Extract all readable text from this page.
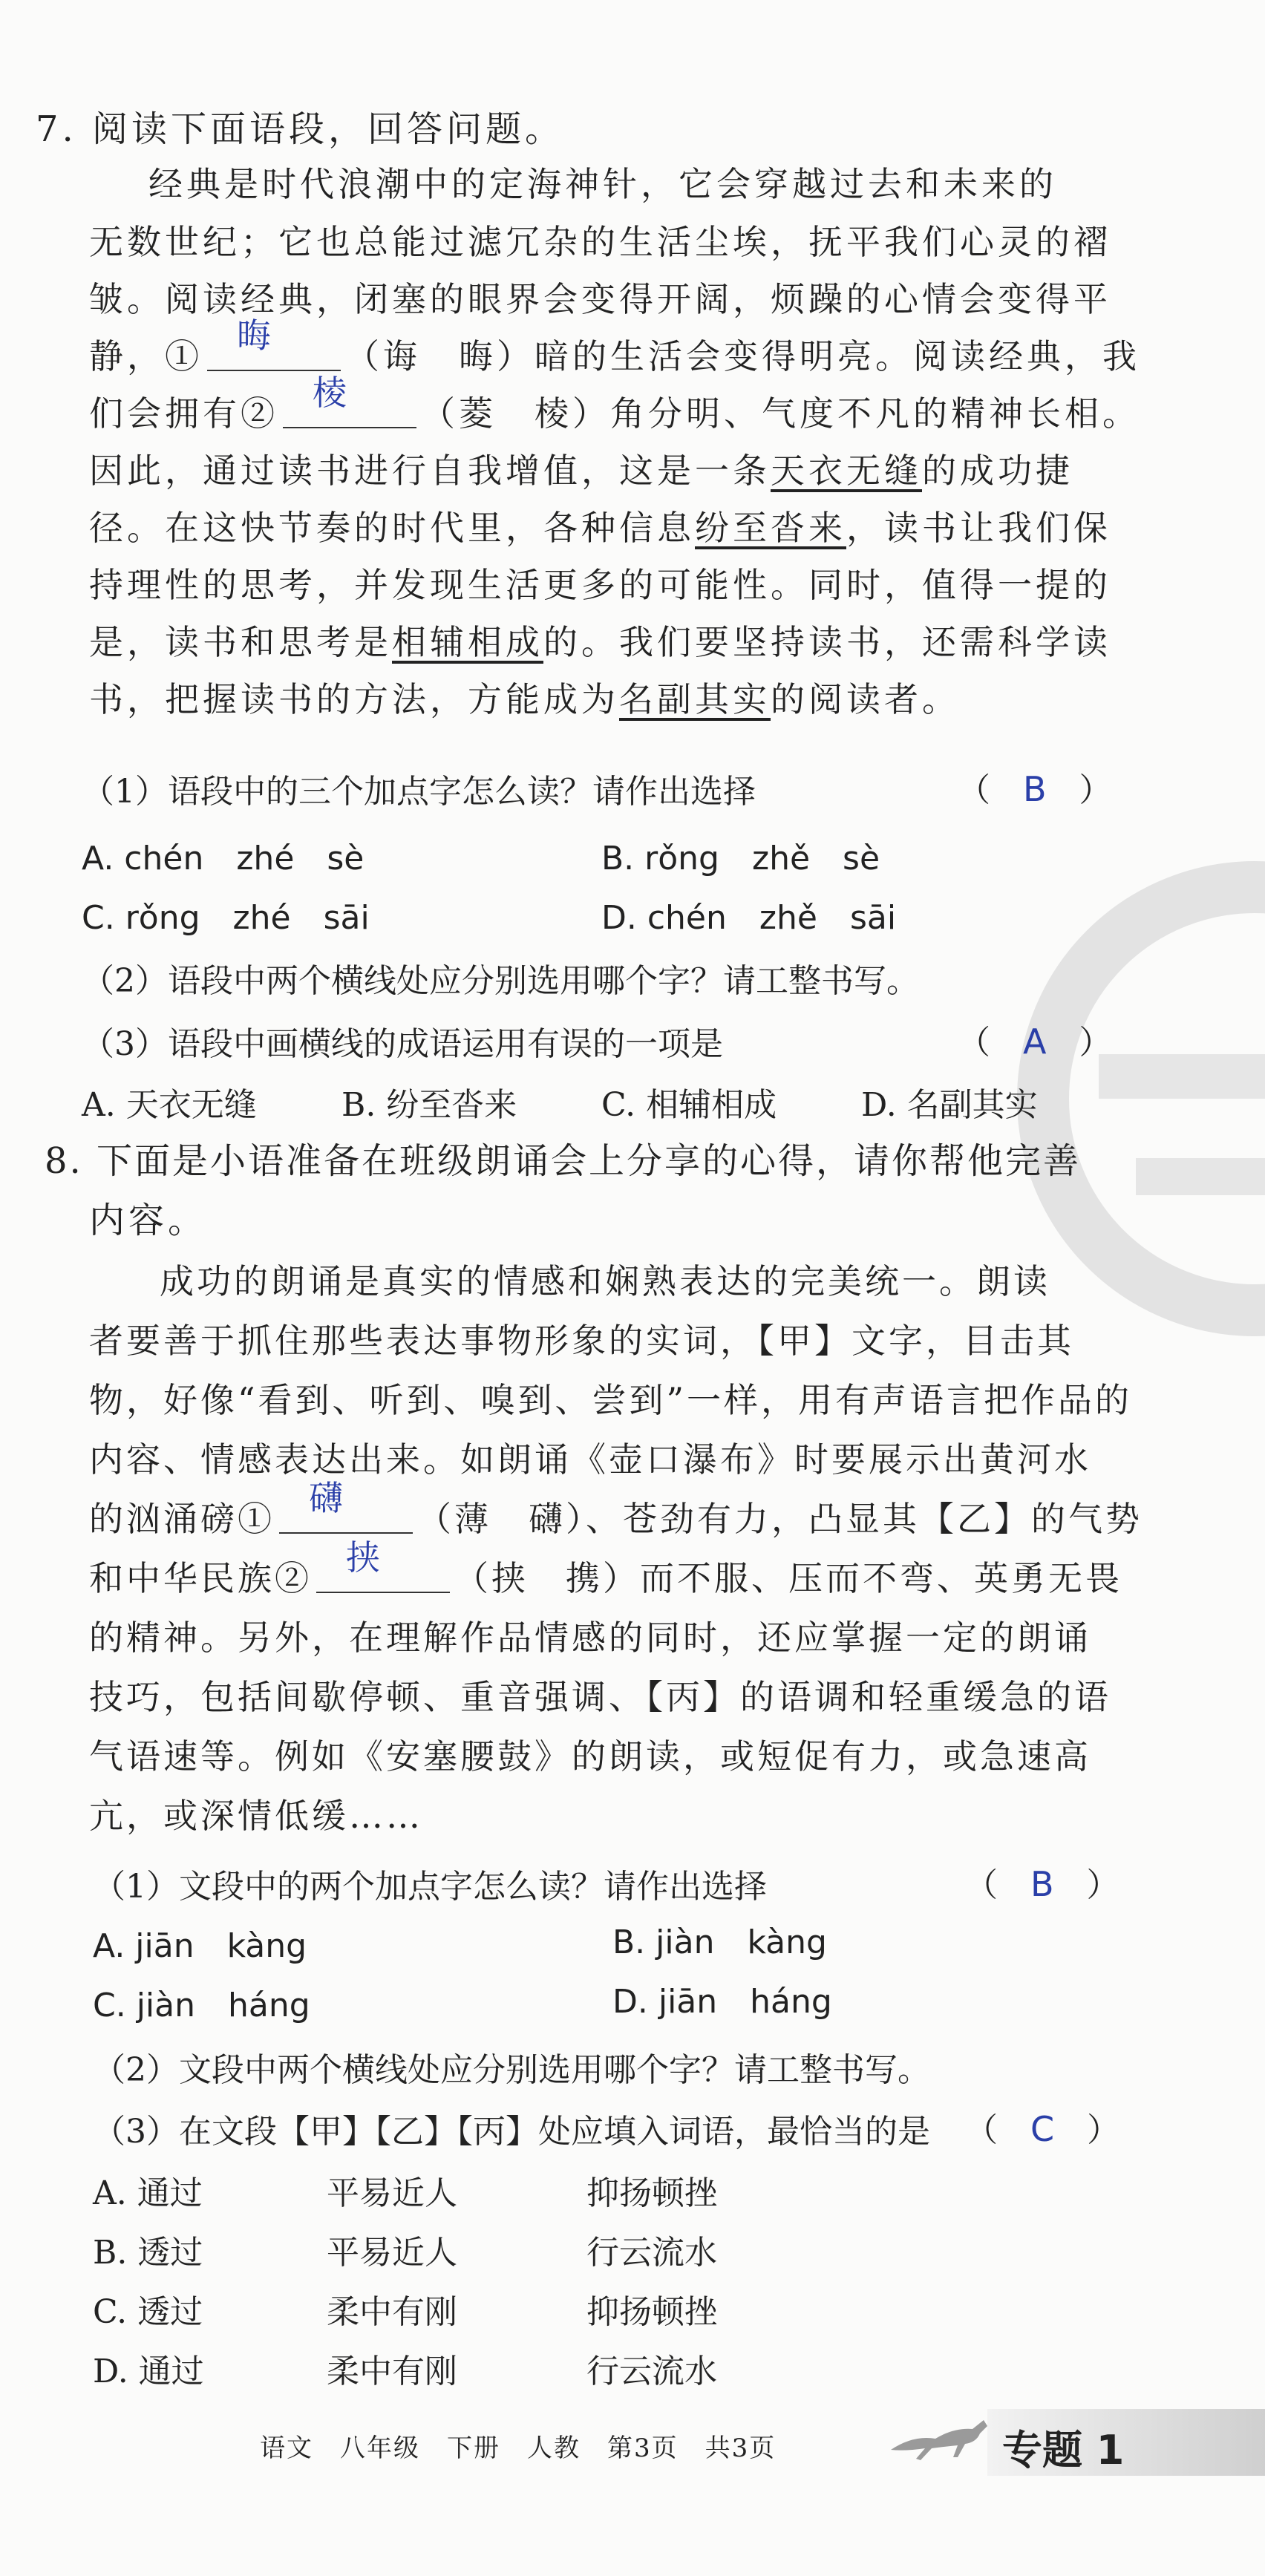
7. 阅读下面语段，回答问题。
经典是时代浪潮中的定海神针，它会穿越过去和未来的
无数世纪；它也总能过滤冗杂的生活尘埃，抚平我们心灵的褶
皱。阅读经典，闭塞的眼界会变得开阔，烦躁的心情会变得平
静，①
晦
（诲　晦）暗的生活会变得明亮。阅读经典，我
们会拥有②
棱
（菱　棱）角分明、气度不凡的精神长相。
因此，通过读书进行自我增值，这是一条天衣无缝的成功捷
径。在这快节奏的时代里，各种信息纷至沓来，读书让我们保
持理性的思考，并发现生活更多的可能性。同时，值得一提的
是，读书和思考是相辅相成的。我们要坚持读书，还需科学读
书，把握读书的方法，方能成为名副其实的阅读者。
（1）语段中的三个加点字怎么读？请作出选择	（　B　）
A. chén　zhé　sè	B. rǒng　zhě　sè
C. rǒng　zhé　sāi	D. chén　zhě　sāi
（2）语段中两个横线处应分别选用哪个字？请工整书写。
（3）语段中画横线的成语运用有误的一项是	（　A　）
A. 天衣无缝	B. 纷至沓来	C. 相辅相成	D. 名副其实
8. 下面是小语准备在班级朗诵会上分享的心得，请你帮他完善
内容。
成功的朗诵是真实的情感和娴熟表达的完美统一。朗读
者要善于抓住那些表达事物形象的实词，【甲】文字，目击其
物，好像“看到、听到、嗅到、尝到”一样，用有声语言把作品的
内容、情感表达出来。如朗诵《壶口瀑布》时要展示出黄河水
的汹涌磅①
礴
（薄　礴）、苍劲有力，凸显其【乙】的气势
和中华民族②
挟
（挟　携）而不服、压而不弯、英勇无畏
的精神。另外，在理解作品情感的同时，还应掌握一定的朗诵
技巧，包括间歇停顿、重音强调、【丙】的语调和轻重缓急的语
气语速等。例如《安塞腰鼓》的朗读，或短促有力，或急速高
亢，或深情低缓……
（1）文段中的两个加点字怎么读？请作出选择	（　B　）
A. jiān　kàng	B. jiàn　kàng
C. jiàn　háng	D. jiān　háng
（2）文段中两个横线处应分别选用哪个字？请工整书写。
（3）在文段【甲】【乙】【丙】处应填入词语，最恰当的是 （　C　）
A. 通过	平易近人	抑扬顿挫
B. 透过	平易近人	行云流水
C. 透过	柔中有刚	抑扬顿挫
D. 通过	柔中有刚	行云流水
语文　八年级　下册　人教　第3页　共3页	专题 1
